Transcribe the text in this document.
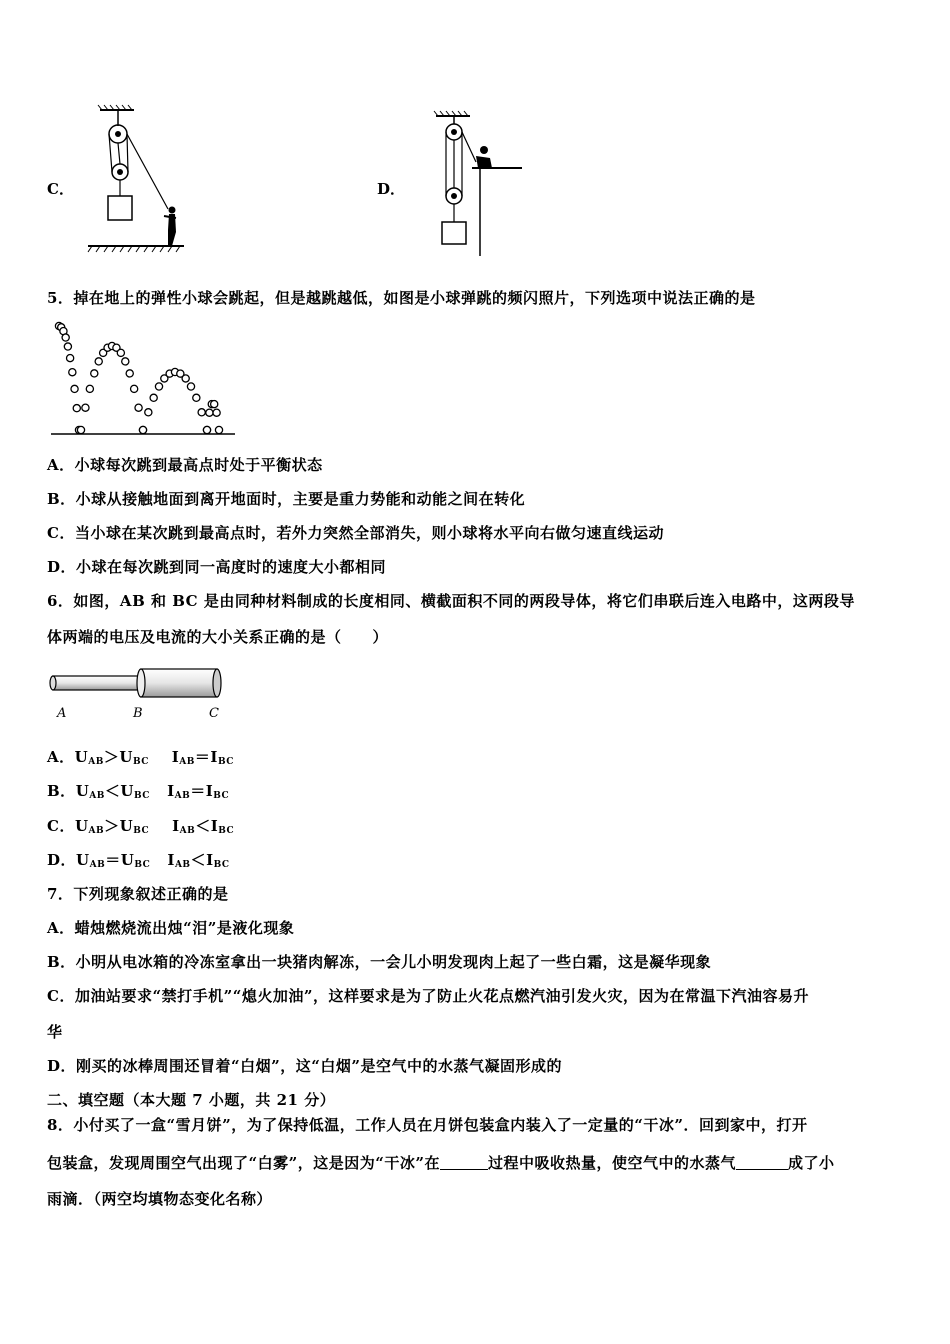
C．	D．
5．掉在地上的弹性小球会跳起，但是越跳越低，如图是小球弹跳的频闪照片，下列选项中说法正确的是
A．小球每次跳到最高点时处于平衡状态
B．小球从接触地面到离开地面时，主要是重力势能和动能之间在转化
C．当小球在某次跳到最高点时，若外力突然全部消失，则小球将水平向右做匀速直线运动
D．小球在每次跳到同一高度时的速度大小都相同
6．如图，AB 和 BC 是由同种材料制成的长度相同、横截面积不同的两段导体，将它们串联后连入电路中，这两段导
体两端的电压及电流的大小关系正确的是（　　）
A	B	C
A．$U_{AB}>U_{BC}$ $I_{AB}=I_{BC}$
B．$U_{AB}<U_{BC}$ $I_{AB}=I_{BC}$
C．$U_{AB}>U_{BC}$ $I_{AB}<I_{BC}$
D．$U_{AB}=U_{BC}$ $I_{AB}<I_{BC}$
7．下列现象叙述正确的是
A．蜡烛燃烧流出烛“泪”是液化现象
B．小明从电冰箱的冷冻室拿出一块猪肉解冻，一会儿小明发现肉上起了一些白霜，这是凝华现象
C．加油站要求“禁打手机”“熄火加油”，这样要求是为了防止火花点燃汽油引发火灾，因为在常温下汽油容易升
华
D．刚买的冰棒周围还冒着“白烟”，这“白烟”是空气中的水蒸气凝固形成的
二、填空题（本大题 7 小题，共 21 分）
8．小付买了一盒“雪月饼”，为了保持低温，工作人员在月饼包装盒内装入了一定量的“干冰”．回到家中，打开
包装盒，发现周围空气出现了“白雾”，这是因为“干冰”在	过程中吸收热量，使空气中的水蒸气	成了小
雨滴．（两空均填物态变化名称）
